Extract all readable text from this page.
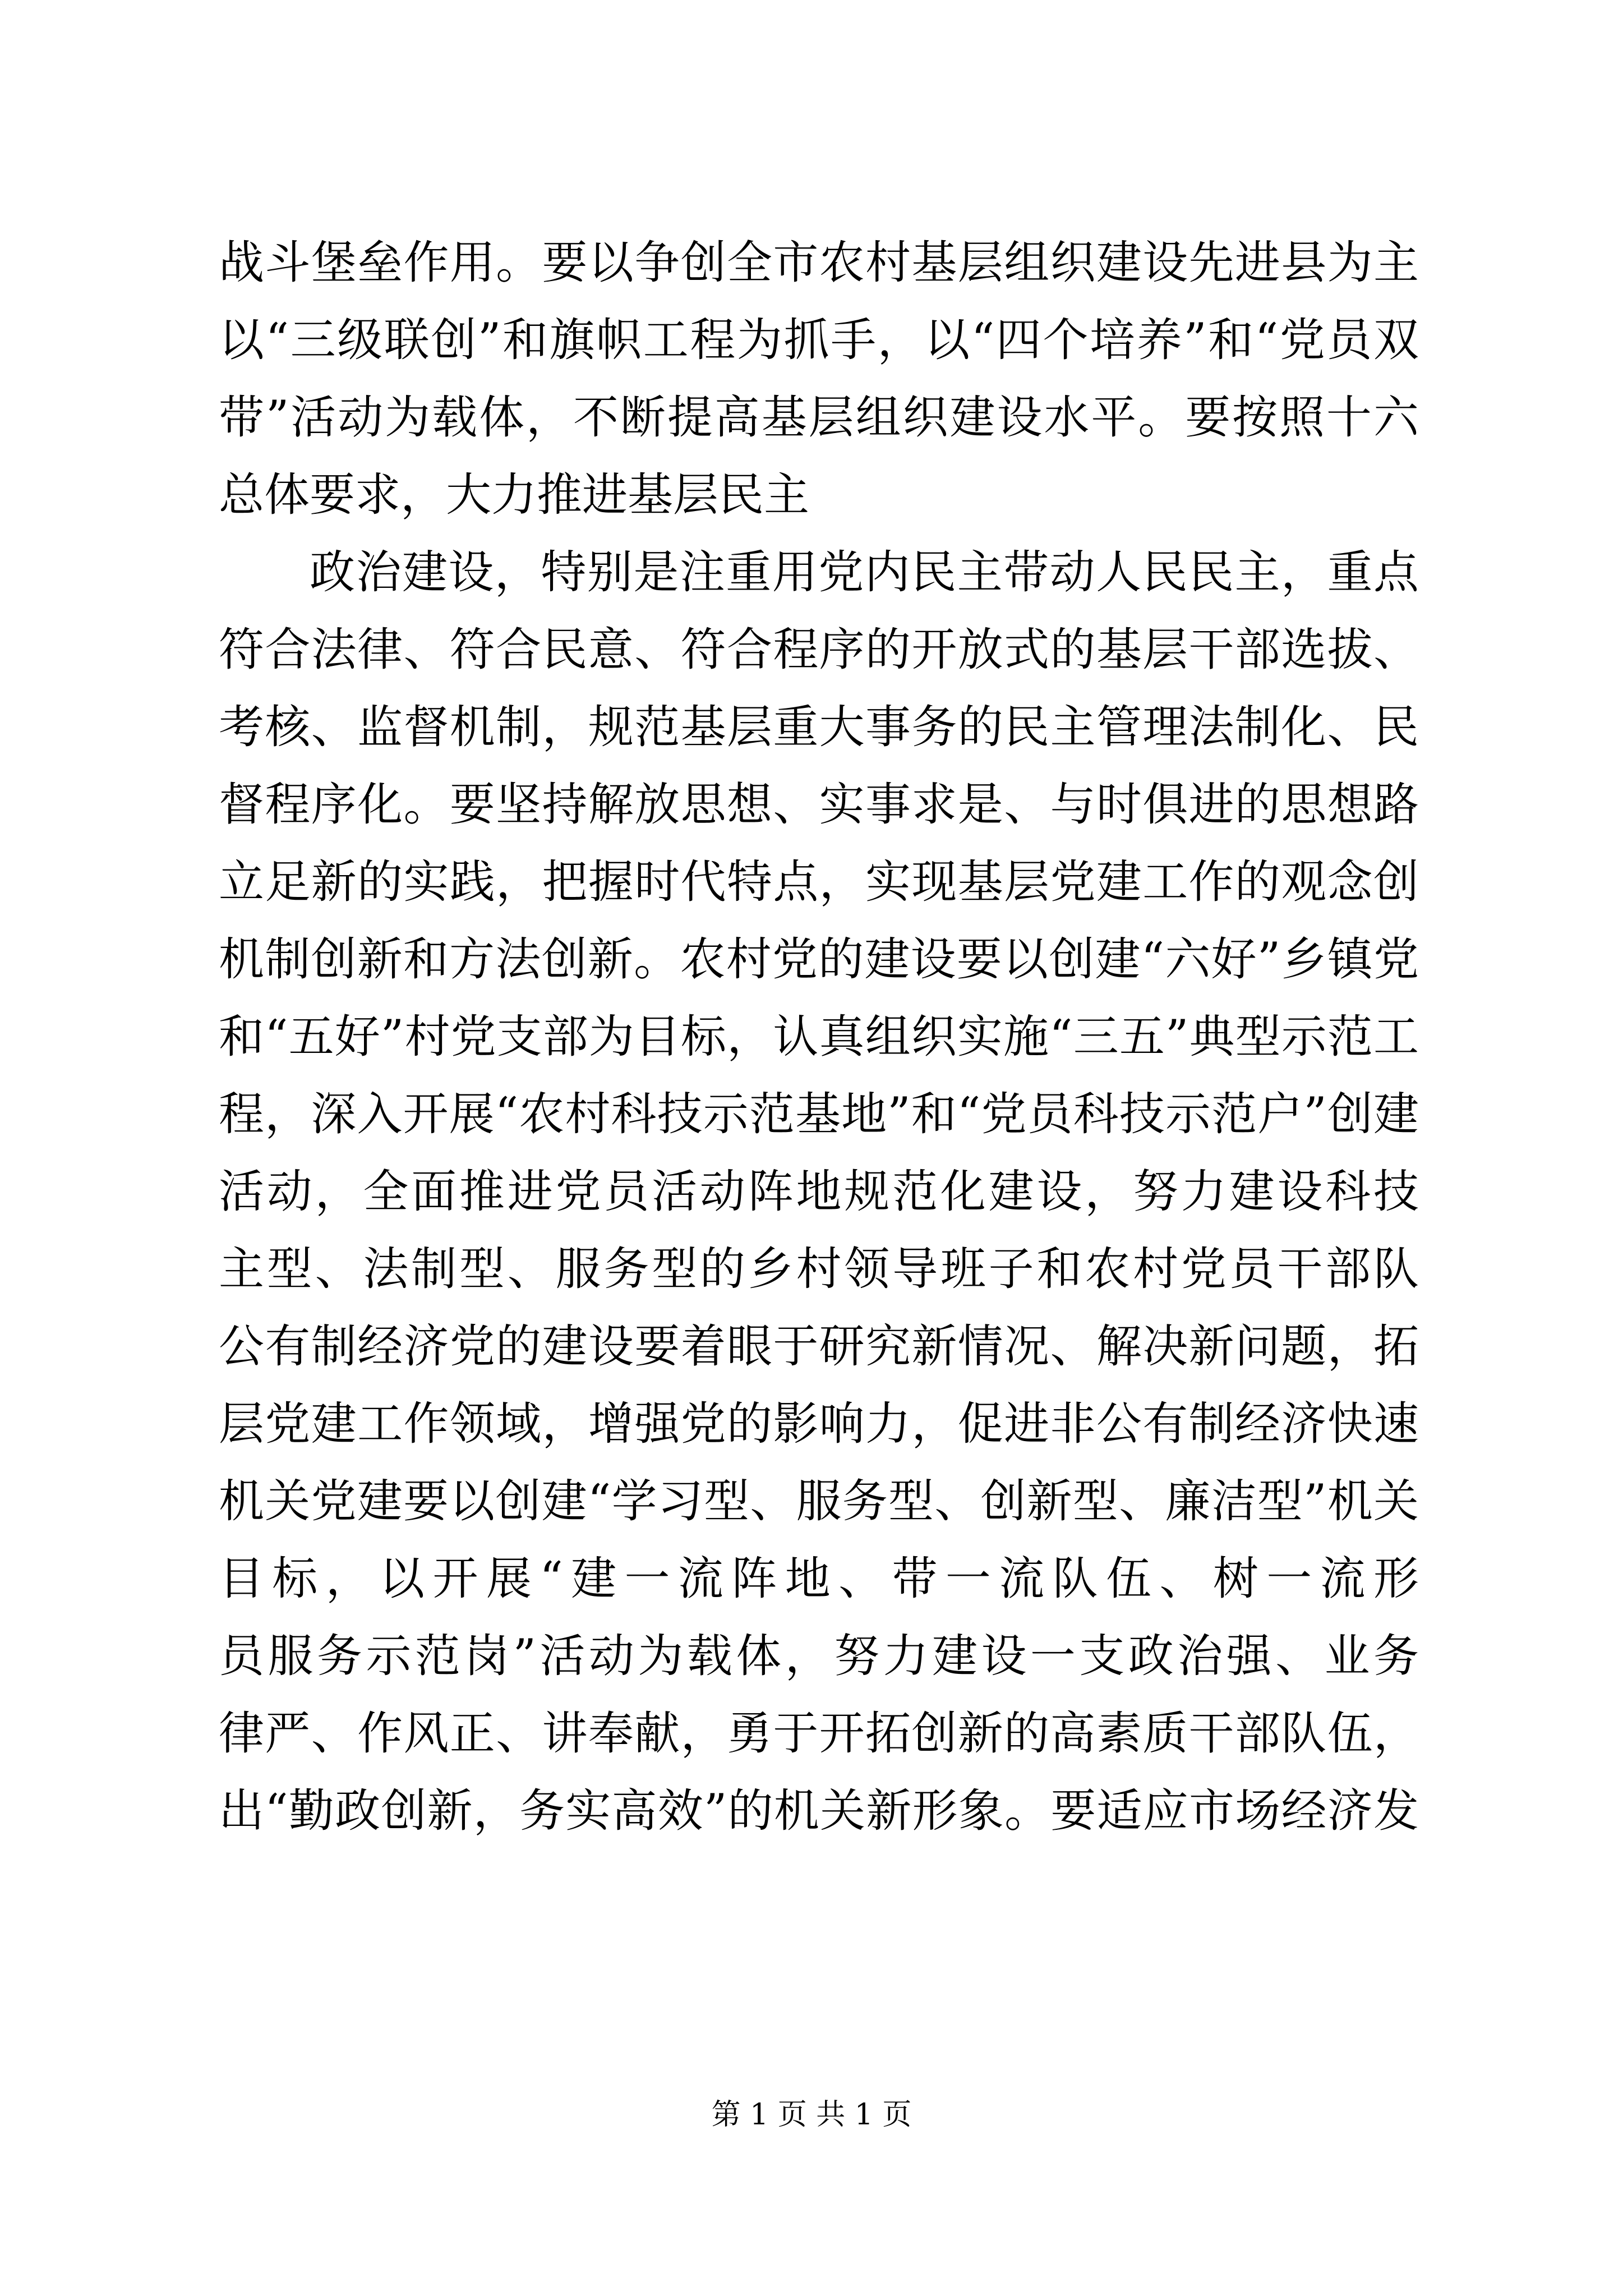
战斗堡垒作用。要以争创全市农村基层组织建设先进县为主
以“三级联创”和旗帜工程为抓手，以“四个培养”和“党员双
带”活动为载体，不断提高基层组织建设水平。要按照十六
总体要求，大力推进基层民主
政治建设，特别是注重用党内民主带动人民民主，重点
符合法律、符合民意、符合程序的开放式的基层干部选拔、
考核、监督机制，规范基层重大事务的民主管理法制化、民
督程序化。要坚持解放思想、实事求是、与时俱进的思想路
立足新的实践，把握时代特点，实现基层党建工作的观念创
机制创新和方法创新。农村党的建设要以创建“六好”乡镇党
和“五好”村党支部为目标，认真组织实施“三五”典型示范工
程，深入开展“农村科技示范基地”和“党员科技示范户”创建
活动，全面推进党员活动阵地规范化建设，努力建设科技
主型、法制型、服务型的乡村领导班子和农村党员干部队
公有制经济党的建设要着眼于研究新情况、解决新问题，拓
层党建工作领域，增强党的影响力，促进非公有制经济快速
机关党建要以创建“学习型、服务型、创新型、廉洁型”机关
目标，以开展“建一流阵地、带一流队伍、树一流形
员服务示范岗”活动为载体，努力建设一支政治强、业务
律严、作风正、讲奉献，勇于开拓创新的高素质干部队伍，
出“勤政创新，务实高效”的机关新形象。要适应市场经济发
第 1 页 共 1 页
